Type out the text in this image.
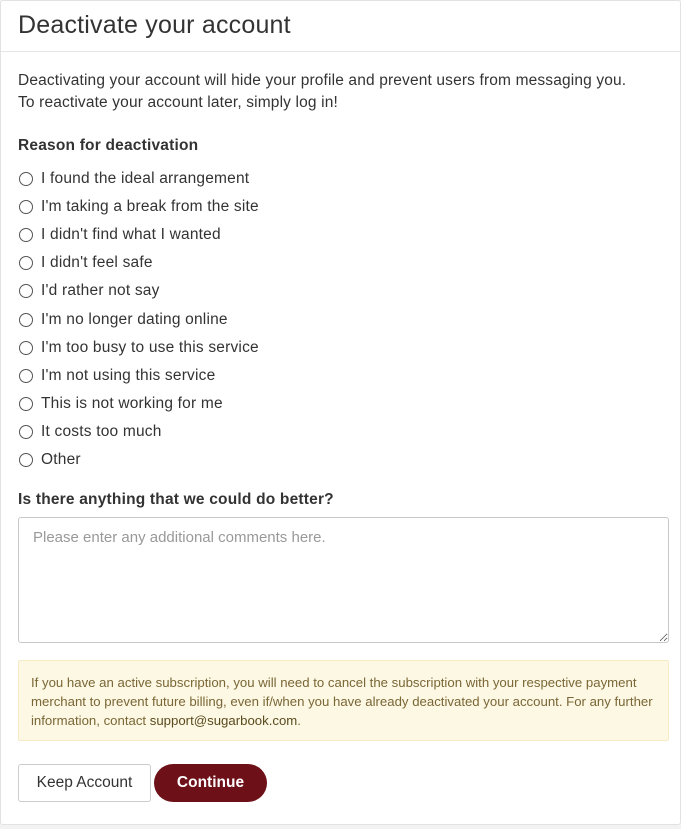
Deactivate your account

Deactivating your account will hide your profile and prevent users from messaging you.
To reactivate your account later, simply log in!

Reason for deactivation
I found the ideal arrangement
I'm taking a break from the site
I didn't find what I wanted
I didn't feel safe
I'd rather not say
I'm no longer dating online
I'm too busy to use this service
I'm not using this service
This is not working for me
It costs too much
Other
Is there anything that we could do better?
Please enter any additional comments here.
If you have an active subscription, you will need to cancel the subscription with your respective payment merchant to prevent future billing, even if/when you have already deactivated your account. For any further information, contact support@sugarbook.com.
Keep Account	Continue
